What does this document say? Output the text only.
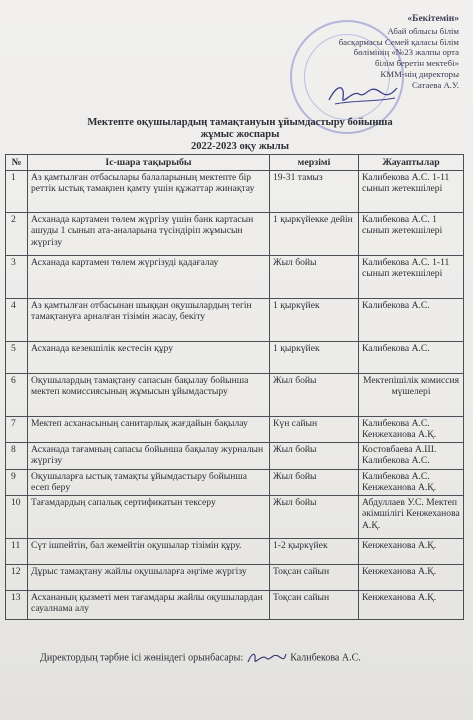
«Бекітемін»
Абай облысы білім
басқармасы Семей қаласы білім
бөлімінің «№23 жалпы орта
білім беретін мектебі»
КММ-нің директоры
Сатаева А.У.
Мектепте оқушылардың тамақтануын ұйымдастыру бойынша
жұмыс жоспары
2022-2023 оқу жылы
№	Іс-шара тақырыбы	мерзімі	Жауаптылар
1	Аз қамтылған отбасылары балаларының мектепте бір реттік ыстық тамақпен қамту үшін құжаттар жинақтау	19-31 тамыз	Калибекова А.С. 1-11 сынып жетекшілері
2	Асханада картамен төлем жүргізу үшін банк картасын ашуды 1 сынып ата-аналарына түсіндіріп жұмысын жүргізу	1 қыркүйекке дейін	Калибекова А.С. 1 сынып жетекшілері
3	Асханада картамен төлем жүргізуді қадағалау	Жыл бойы	Калибекова А.С. 1-11 сынып жетекшілері
4	Аз қамтылған отбасынан шыққан оқушылардың тегін тамақтануға арналған тізімін жасау, бекіту	1 қыркүйек	Калибекова А.С.
5	Асханада кезекшілік кестесін құру	1 қыркүйек	Калибекова А.С.
6	Оқушылардың тамақтану сапасын бақылау бойынша мектеп комиссиясының жұмысын ұйымдастыру	Жыл бойы	Мектепішілік комиссия мүшелері
7	Мектеп асханасының санитарлық жағдайын бақылау	Күн сайын	Калибекова А.С. Кенжеханова А.Қ.
8	Асханада тағамның сапасы бойынша бақылау журналын жүргізу	Жыл бойы	Костовбаева А.Ш. Калибекова А.С.
9	Оқушыларға ыстық тамақты ұйымдастыру бойынша есеп беру	Жыл бойы	Калибекова А.С. Кенжеханова А.Қ.
10	Тағамдардың сапалық сертификатын тексеру	Жыл бойы	Абдуллаев У.С. Мектеп әкімшілігі Кенжеханова А.Қ.
11	Сүт ішпейтін, бал жемейтін оқушылар тізімін құру.	1-2 қыркүйек	Кенжеханова А.Қ.
12	Дұрыс тамақтану жайлы оқушыларға әңгіме жүргізу	Тоқсан сайын	Кенжеханова А.Қ.
13	Асхананың қызметі мен тағамдары жайлы оқушылардан сауалнама алу	Тоқсан сайын	Кенжеханова А.Қ.
Директордың тәрбие ісі жөніндегі орынбасары:	Калибекова А.С.
